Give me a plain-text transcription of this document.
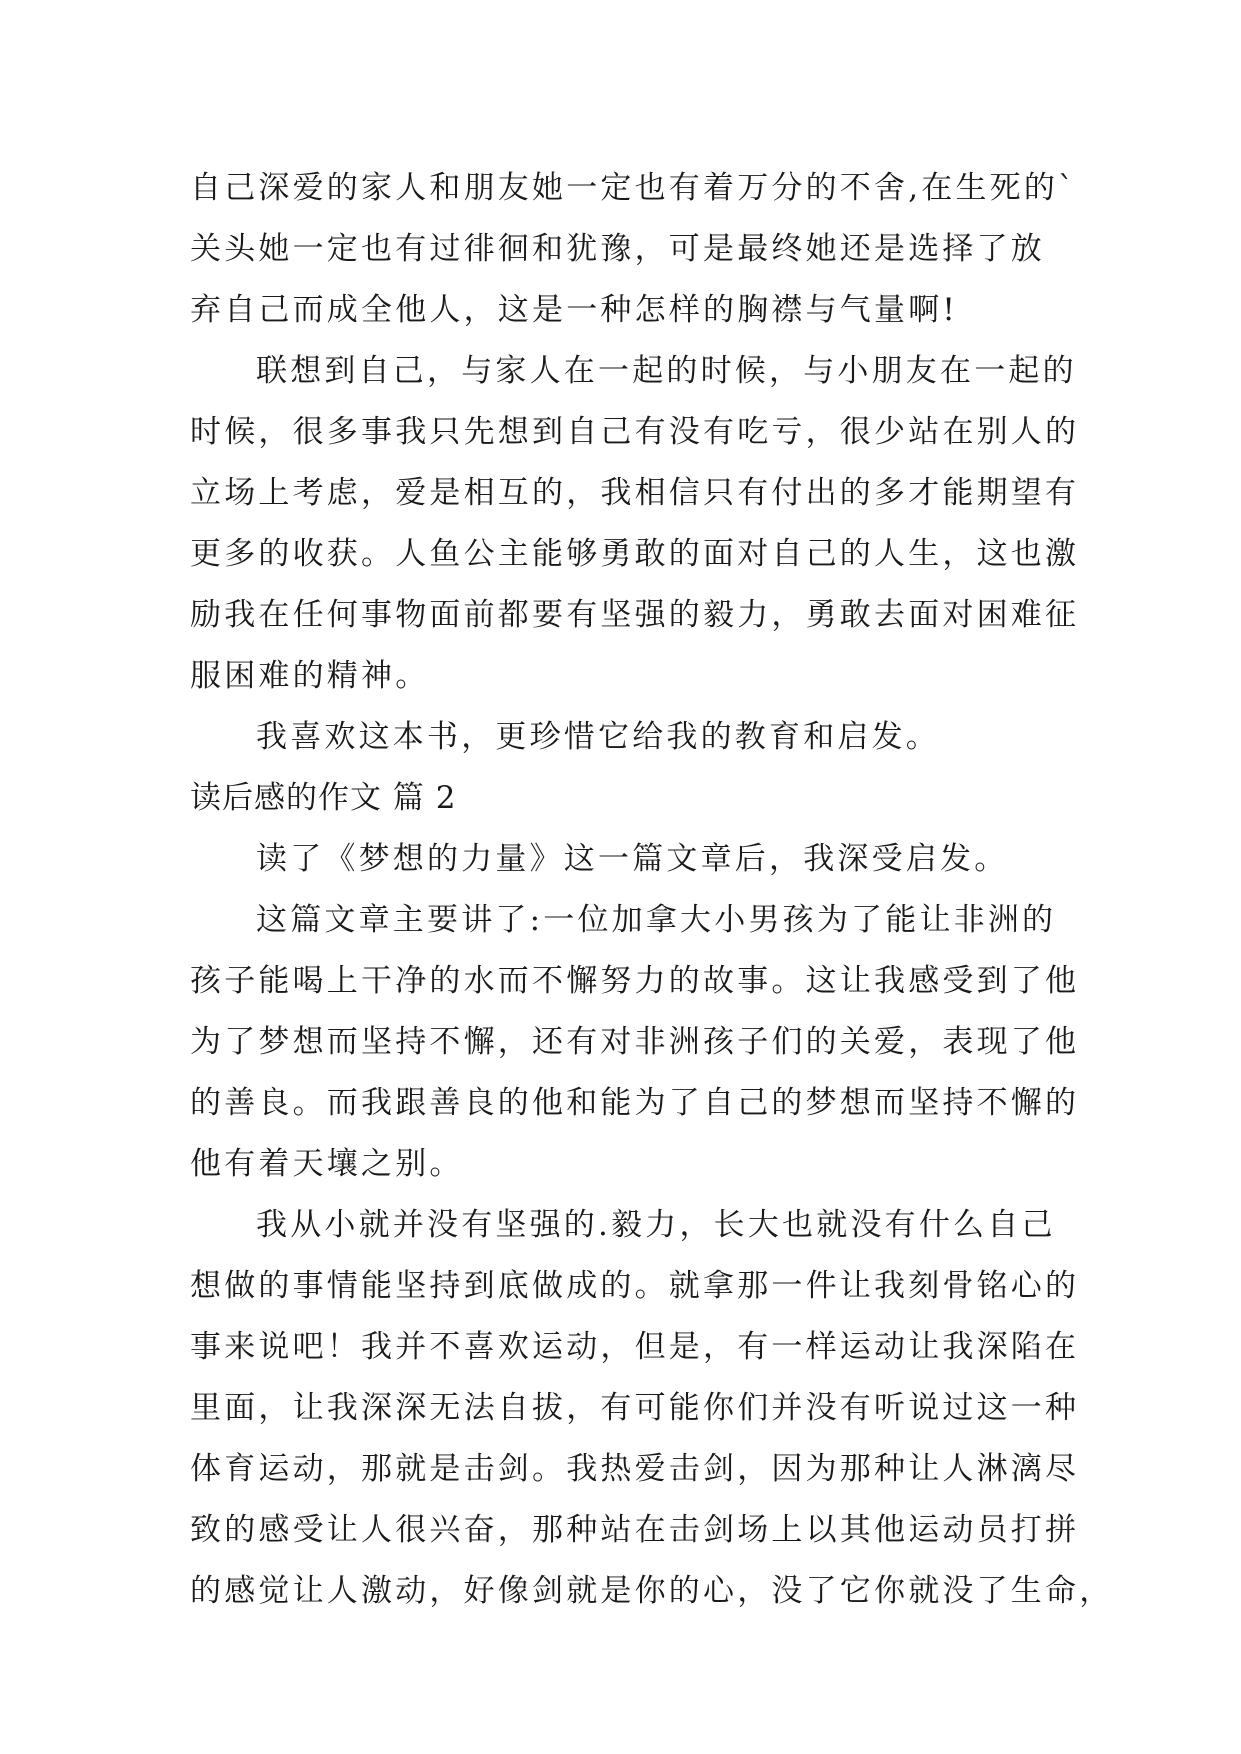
自己深爱的家人和朋友她一定也有着万分的不舍,在生死的`
关头她一定也有过徘徊和犹豫，可是最终她还是选择了放
弃自己而成全他人，这是一种怎样的胸襟与气量啊!
联想到自己，与家人在一起的时候，与小朋友在一起的
时候，很多事我只先想到自己有没有吃亏，很少站在别人的
立场上考虑，爱是相互的，我相信只有付出的多才能期望有
更多的收获。人鱼公主能够勇敢的面对自己的人生，这也激
励我在任何事物面前都要有坚强的毅力，勇敢去面对困难征
服困难的精神。
我喜欢这本书，更珍惜它给我的教育和启发。
读后感的作文 篇 2
读了《梦想的力量》这一篇文章后，我深受启发。
这篇文章主要讲了:一位加拿大小男孩为了能让非洲的
孩子能喝上干净的水而不懈努力的故事。这让我感受到了他
为了梦想而坚持不懈，还有对非洲孩子们的关爱，表现了他
的善良。而我跟善良的他和能为了自己的梦想而坚持不懈的
他有着天壤之别。
我从小就并没有坚强的.毅力，长大也就没有什么自己
想做的事情能坚持到底做成的。就拿那一件让我刻骨铭心的
事来说吧！我并不喜欢运动，但是，有一样运动让我深陷在
里面，让我深深无法自拔，有可能你们并没有听说过这一种
体育运动，那就是击剑。我热爱击剑，因为那种让人淋漓尽
致的感受让人很兴奋，那种站在击剑场上以其他运动员打拼
的感觉让人激动，好像剑就是你的心，没了它你就没了生命，
